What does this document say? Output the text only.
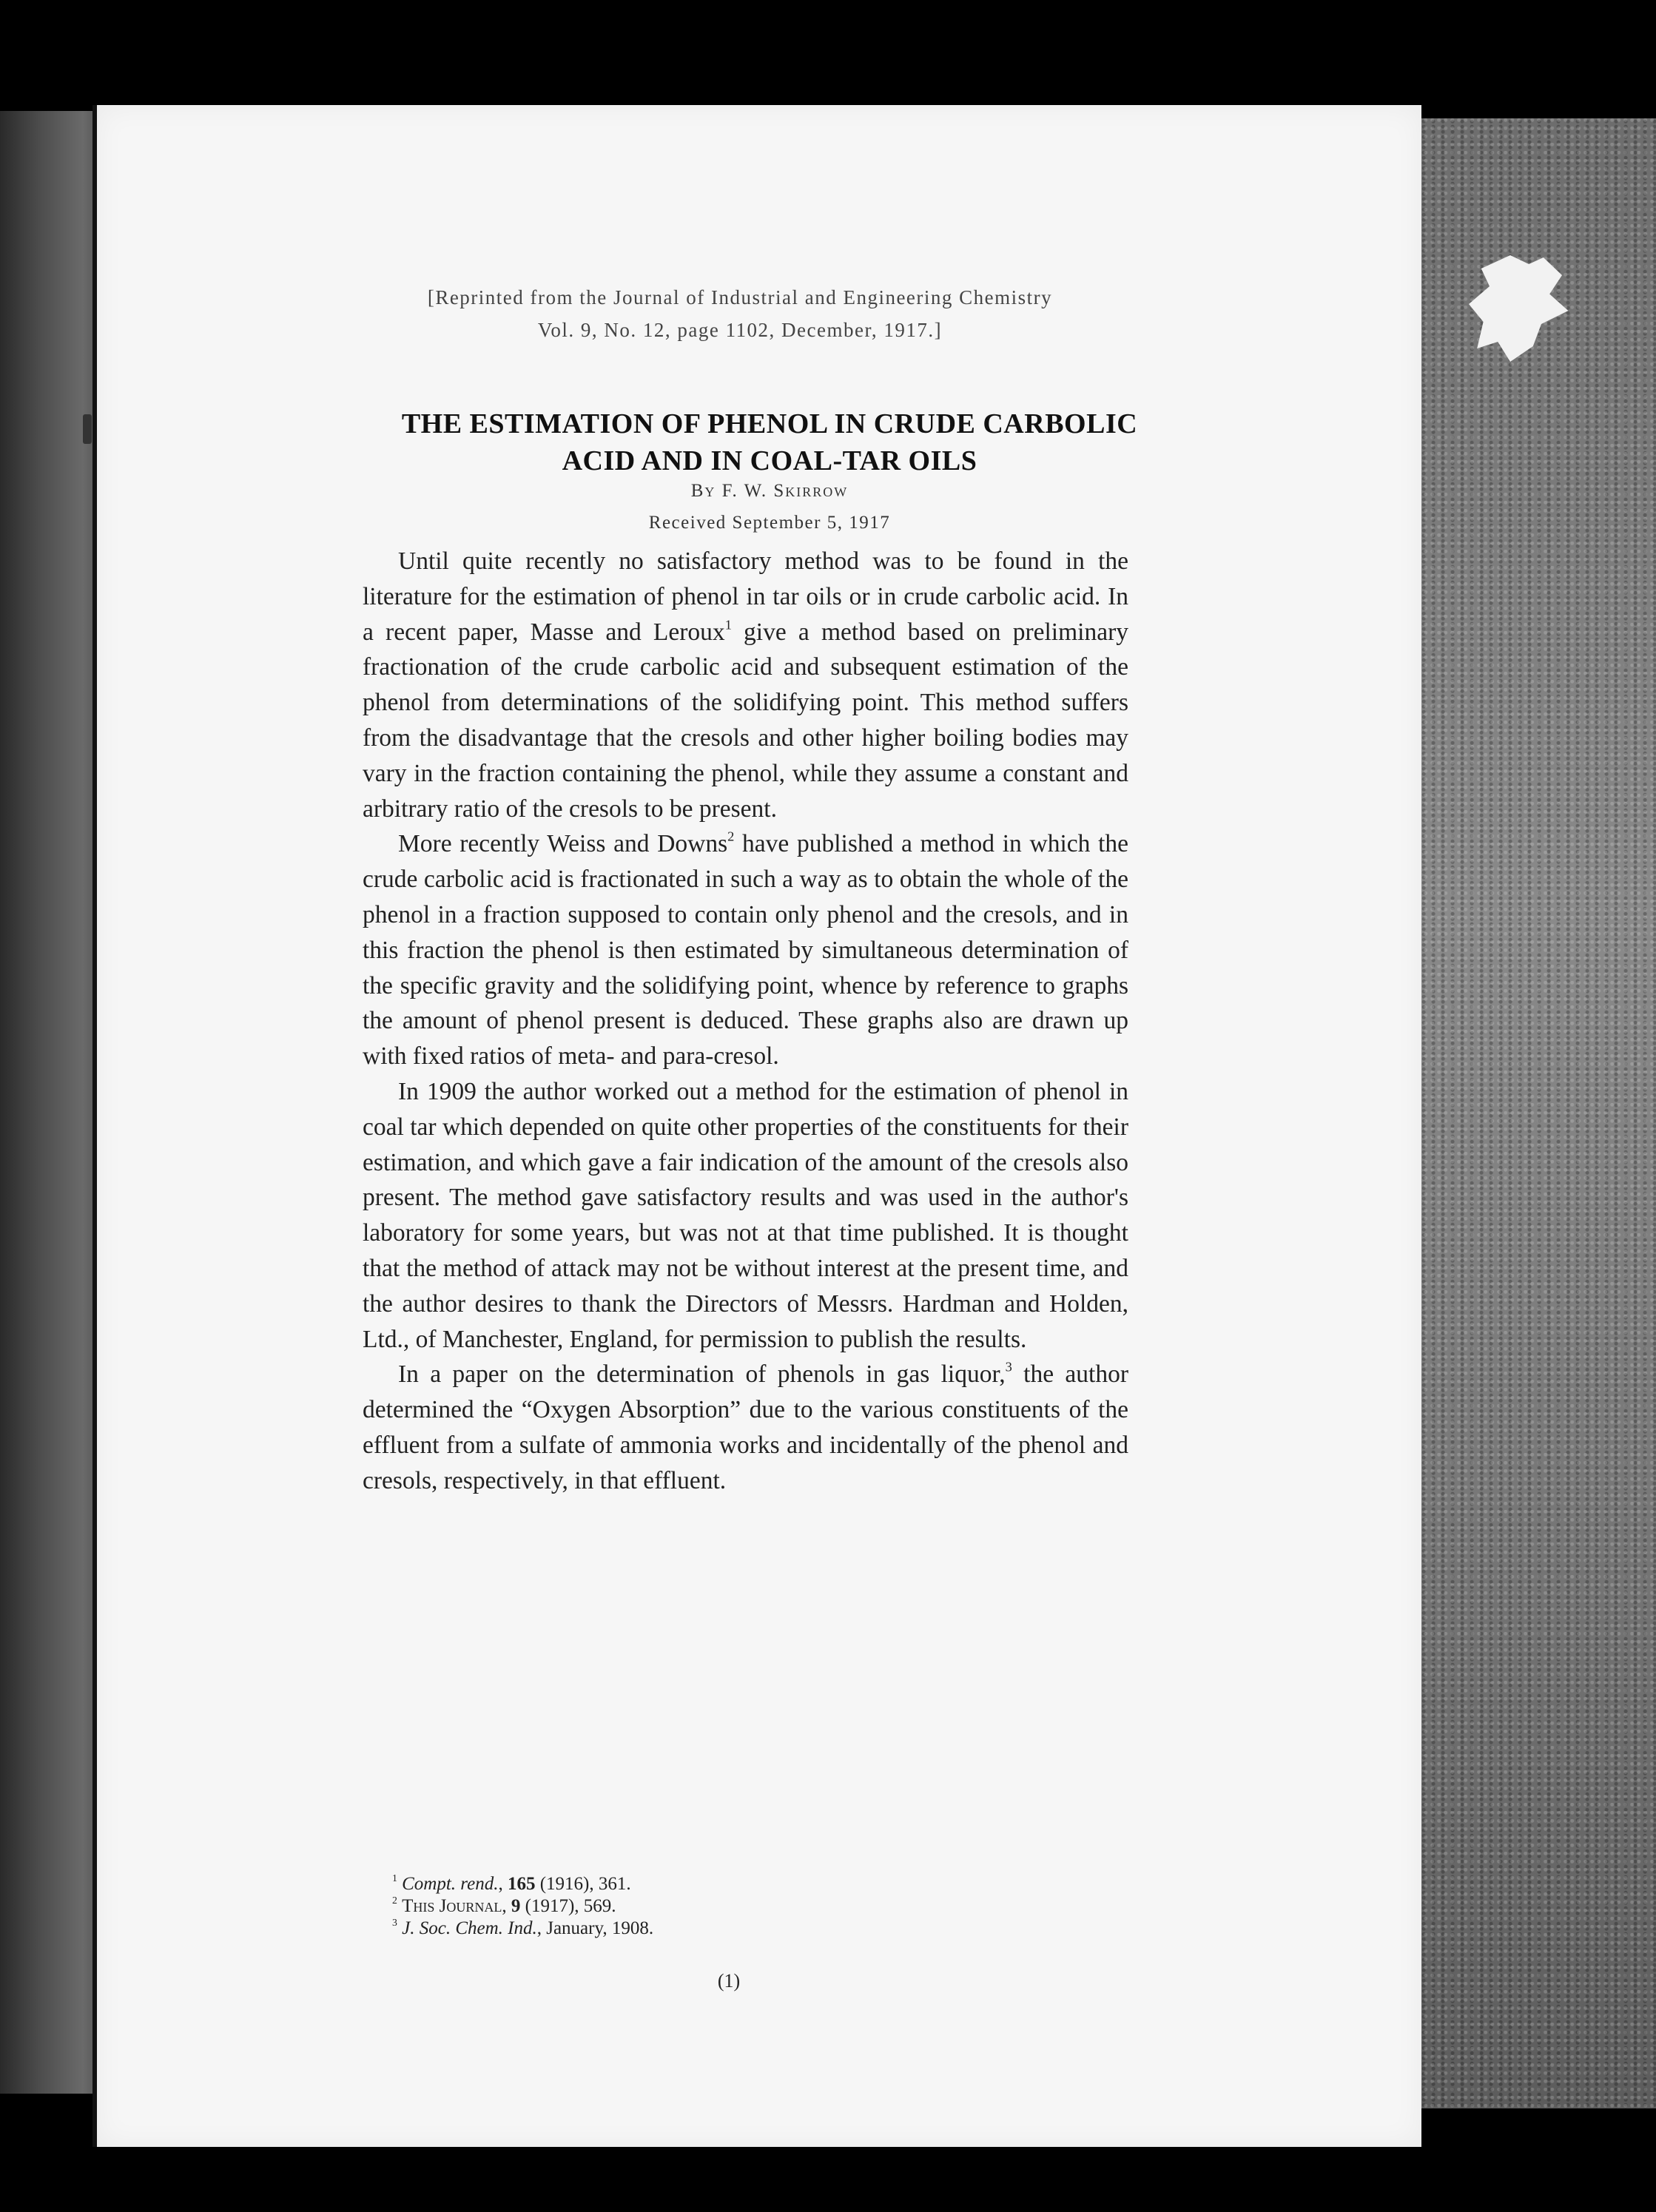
[Reprinted from the Journal of Industrial and Engineering Chemistry
Vol. 9, No. 12, page 1102, December, 1917.]
THE ESTIMATION OF PHENOL IN CRUDE CARBOLIC
ACID AND IN COAL-TAR OILS
By F. W. Skirrow
Received September 5, 1917

Until quite recently no satisfactory method was to be found in the literature for the estimation of phenol in tar oils or in crude carbolic acid. In a recent paper, Masse and Leroux$^1$ give a method based on preliminary fractionation of the crude carbolic acid and subsequent estimation of the phenol from determinations of the solidifying point. This method suffers from the disadvantage that the cresols and other higher boiling bodies may vary in the fraction containing the phenol, while they assume a constant and arbitrary ratio of the cresols to be present.

More recently Weiss and Downs$^2$ have published a method in which the crude carbolic acid is fractionated in such a way as to obtain the whole of the phenol in a fraction supposed to contain only phenol and the cresols, and in this fraction the phenol is then estimated by simultaneous determination of the specific gravity and the solidifying point, whence by reference to graphs the amount of phenol present is deduced. These graphs also are drawn up with fixed ratios of meta- and para-cresol.

In 1909 the author worked out a method for the estimation of phenol in coal tar which depended on quite other properties of the constituents for their estimation, and which gave a fair indication of the amount of the cresols also present. The method gave satisfactory results and was used in the author's laboratory for some years, but was not at that time published. It is thought that the method of attack may not be without interest at the present time, and the author desires to thank the Directors of Messrs. Hardman and Holden, Ltd., of Manchester, England, for permission to publish the results.

In a paper on the determination of phenols in gas liquor,$^3$ the author determined the “Oxygen Absorption” due to the various constituents of the effluent from a sulfate of ammonia works and incidentally of the phenol and cresols, respectively, in that effluent.

$^1$ Compt. rend., 165 (1916), 361.
$^2$ This Journal, 9 (1917), 569.
$^3$ J. Soc. Chem. Ind., January, 1908.
(1)
